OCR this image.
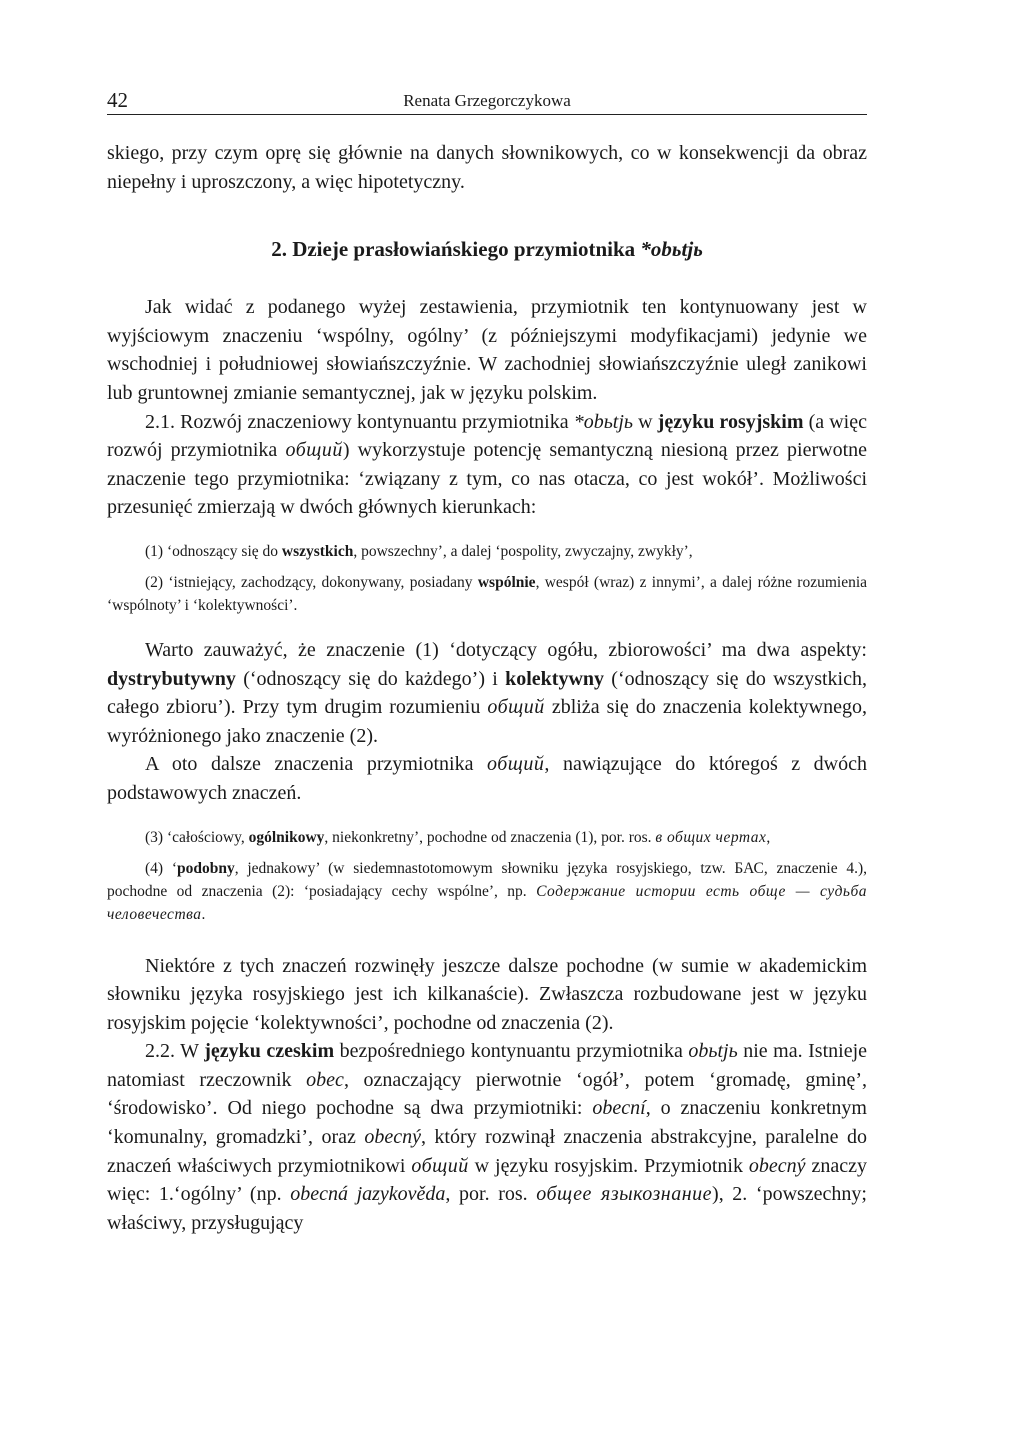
42	Renata Grzegorczykowa

skiego, przy czym oprę się głównie na danych słownikowych, co w konsekwencji da obraz niepełny i uproszczony, a więc hipotetyczny.

2. Dzieje prasłowiańskiego przymiotnika *obьtjь

Jak widać z podanego wyżej zestawienia, przymiotnik ten kontynuowany jest w wyjściowym znaczeniu ‘wspólny, ogólny’ (z późniejszymi modyfikacjami) jedynie we wschodniej i południowej słowiańszczyźnie. W zachodniej słowiańszczyźnie uległ zanikowi lub gruntownej zmianie semantycznej, jak w języku polskim.

2.1. Rozwój znaczeniowy kontynuantu przymiotnika *obьtjь w języku rosyjskim (a więc rozwój przymiotnika общий) wykorzystuje potencję semantyczną niesioną przez pierwotne znaczenie tego przymiotnika: ‘związany z tym, co nas otacza, co jest wokół’. Możliwości przesunięć zmierzają w dwóch głównych kierunkach:

(1) ‘odnoszący się do wszystkich, powszechny’, a dalej ‘pospolity, zwyczajny, zwykły’,

(2) ‘istniejący, zachodzący, dokonywany, posiadany wspólnie, wespół (wraz) z innymi’, a dalej różne rozumienia ‘wspólnoty’ i ‘kolektywności’.

Warto zauważyć, że znaczenie (1) ‘dotyczący ogółu, zbiorowości’ ma dwa aspekty: dystrybutywny (‘odnoszący się do każdego’) i kolektywny (‘odnoszący się do wszystkich, całego zbioru’). Przy tym drugim rozumieniu общий zbliża się do znaczenia kolektywnego, wyróżnionego jako znaczenie (2).

A oto dalsze znaczenia przymiotnika общий, nawiązujące do któregoś z dwóch podstawowych znaczeń.

(3) ‘całościowy, ogólnikowy, niekonkretny’, pochodne od znaczenia (1), por. ros. в общих чертах,

(4) ‘podobny, jednakowy’ (w siedemnastotomowym słowniku języka rosyjskiego, tzw. БАС, znaczenie 4.), pochodne od znaczenia (2): ‘posiadający cechy wspólne’, np. Содержание истории есть обще — судьба человечества.

Niektóre z tych znaczeń rozwinęły jeszcze dalsze pochodne (w sumie w akademickim słowniku języka rosyjskiego jest ich kilkanaście). Zwłaszcza rozbudowane jest w języku rosyjskim pojęcie ‘kolektywności’, pochodne od znaczenia (2).

2.2. W języku czeskim bezpośredniego kontynuantu przymiotnika obьtjь nie ma. Istnieje natomiast rzeczownik obec, oznaczający pierwotnie ‘ogół’, potem ‘gromadę, gminę’, ‘środowisko’. Od niego pochodne są dwa przymiotniki: obecní, o znaczeniu konkretnym ‘komunalny, gromadzki’, oraz obecný, który rozwinął znaczenia abstrakcyjne, paralelne do znaczeń właściwych przymiotnikowi общий w języku rosyjskim. Przymiotnik obecný znaczy więc: 1.‘ogólny’ (np. obecná jazykověda, por. ros. общее языкознание), 2. ‘powszechny; właściwy, przysługujący
